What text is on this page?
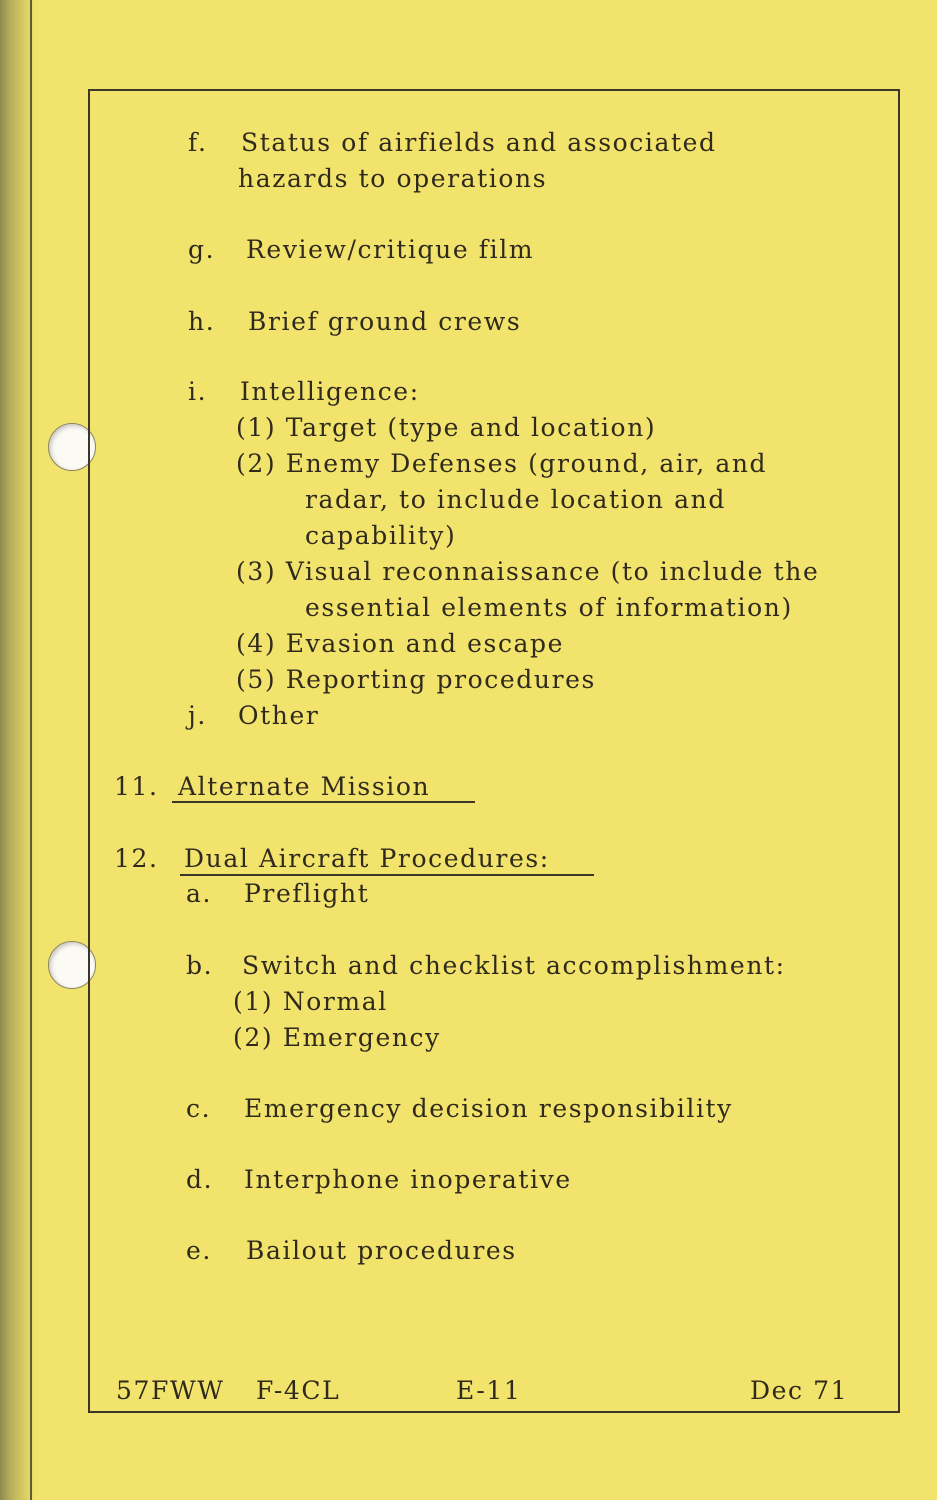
f. Status of airfields and associated
hazards to operations
g. Review/critique film
h. Brief ground crews
i. Intelligence:
(1) Target (type and location)
(2) Enemy Defenses (ground, air, and
radar, to include location and
capability)
(3) Visual reconnaissance (to include the
essential elements of information)
(4) Evasion and escape
(5) Reporting procedures
j. Other
11. Alternate Mission
12. Dual Aircraft Procedures:
a. Preflight
b. Switch and checklist accomplishment:
(1) Normal
(2) Emergency
c. Emergency decision responsibility
d. Interphone inoperative
e. Bailout procedures
57FWW F-4CL	E-11	Dec 71
